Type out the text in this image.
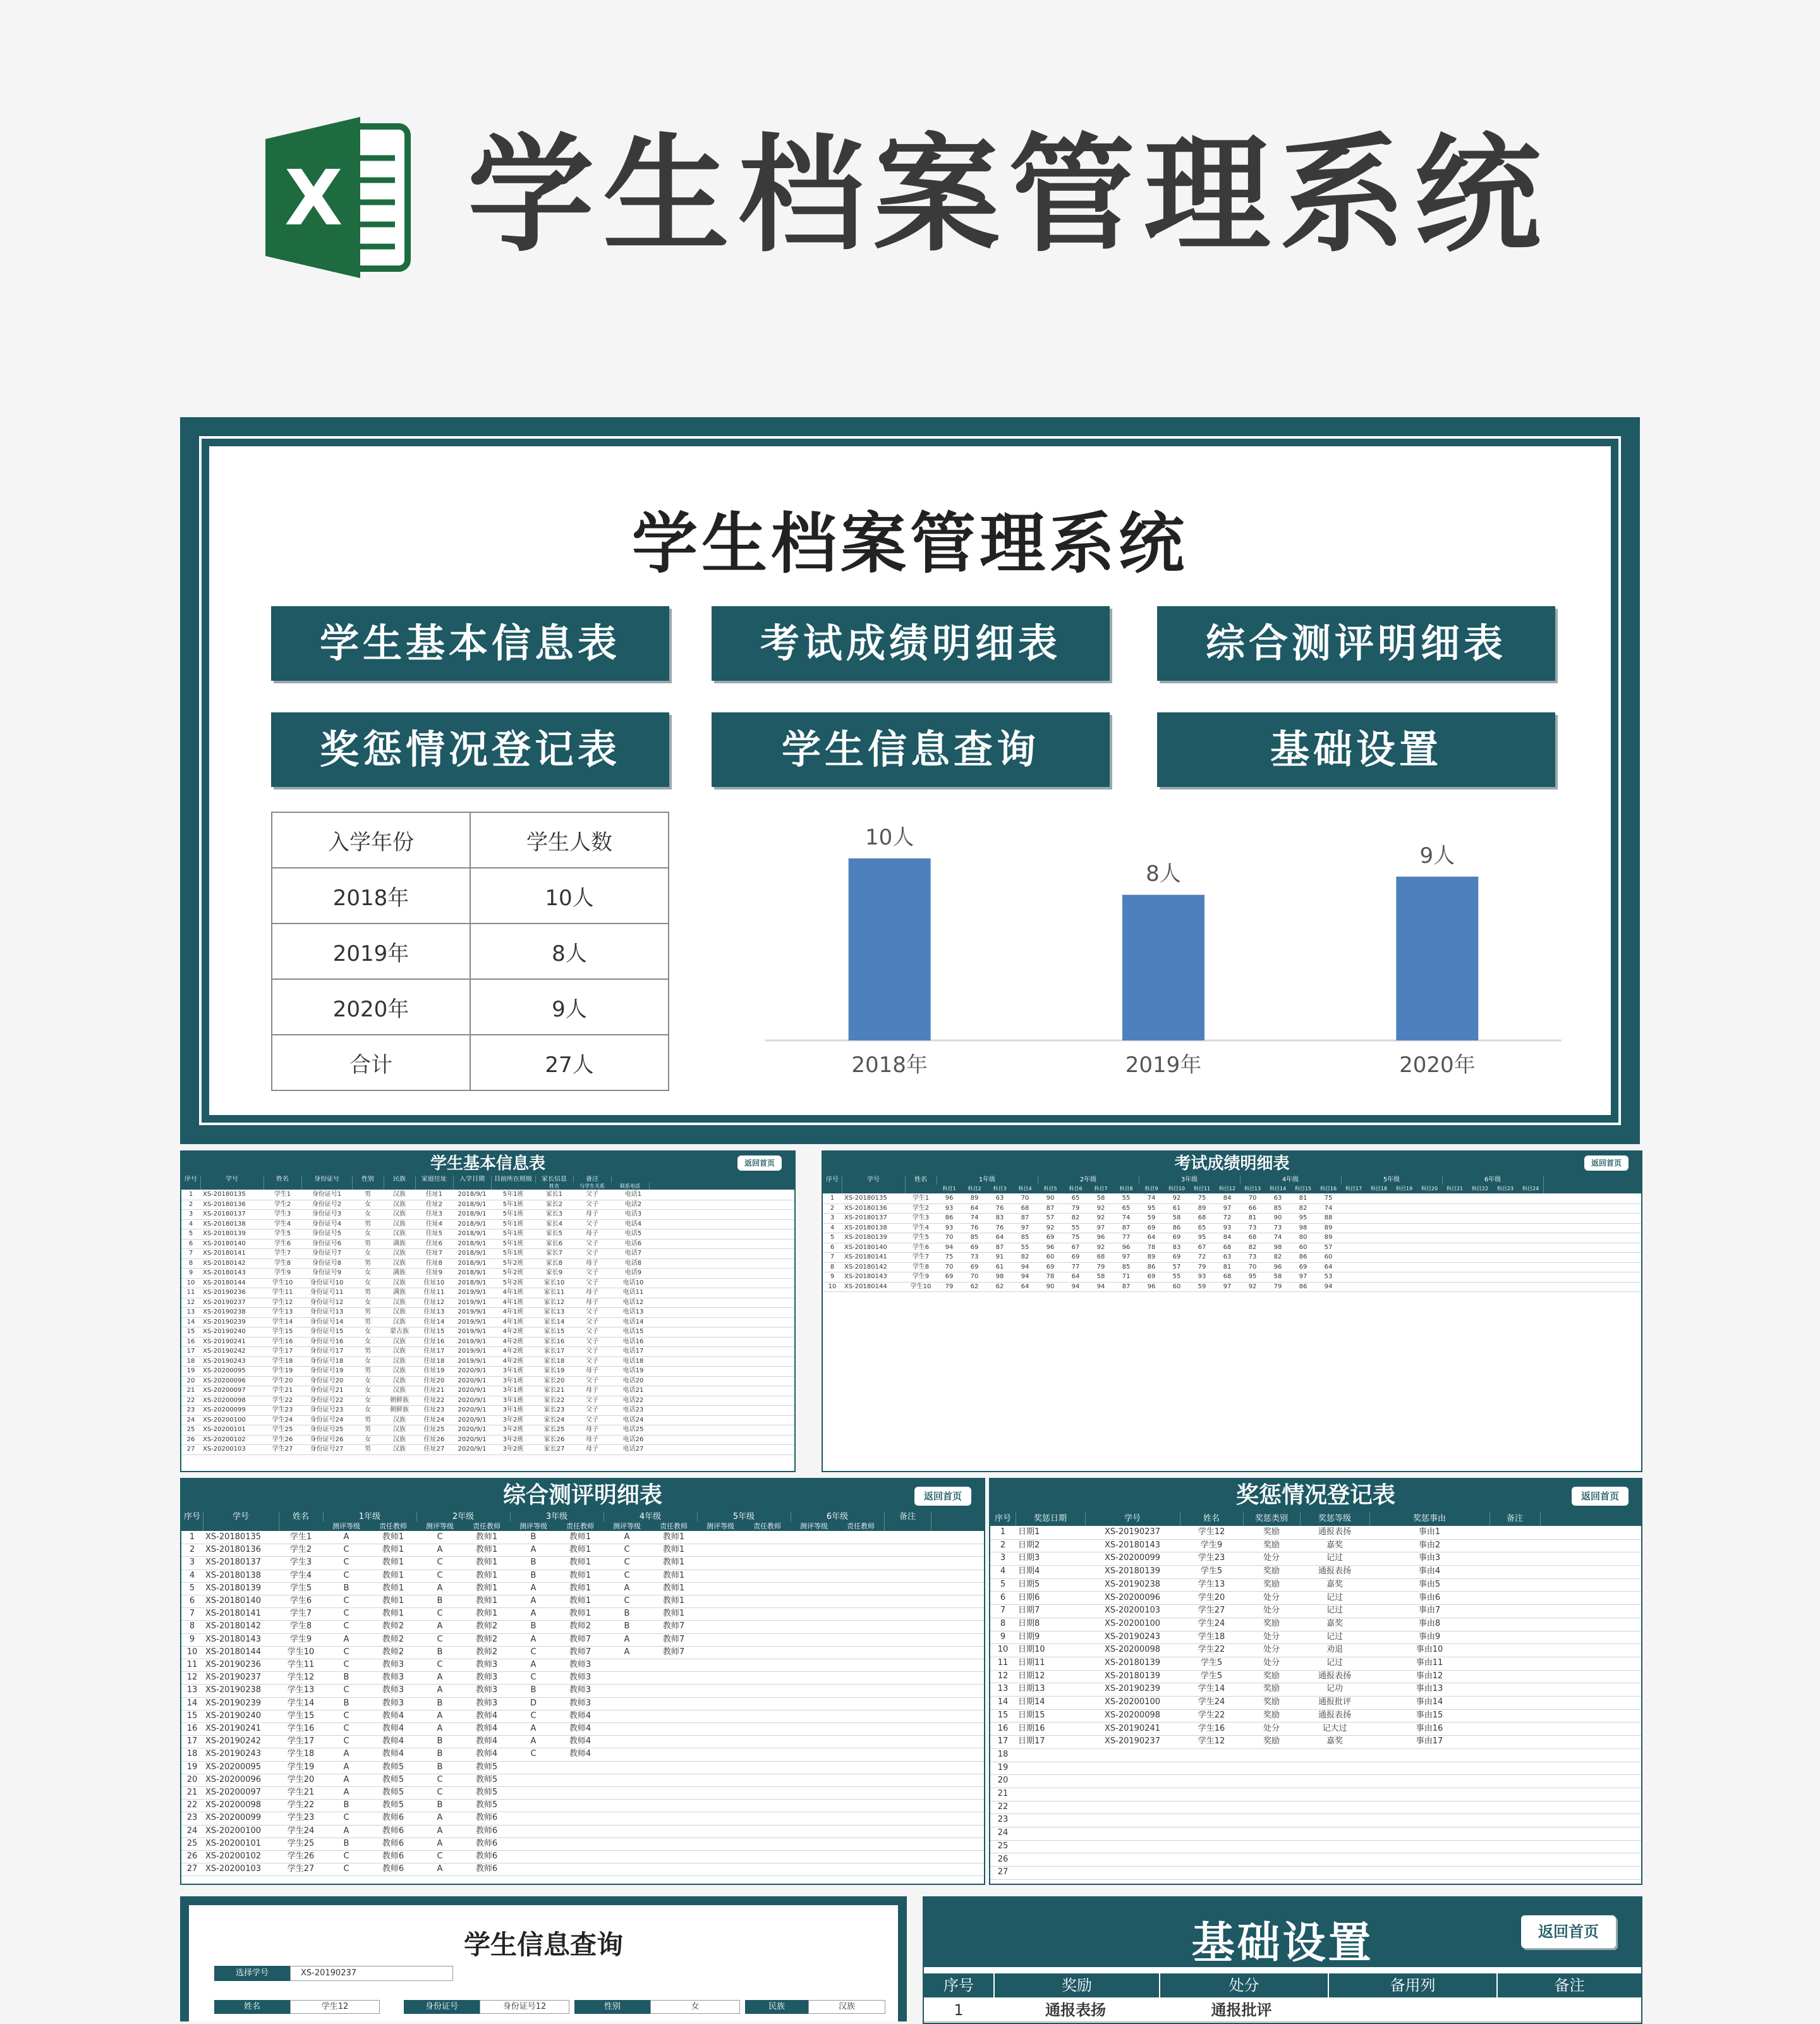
X 学生档案管理系统
学生档案管理系统
学生基本信息表	考试成绩明细表	综合测评明细表
奖惩情况登记表	学生信息查询	基础设置
入学年份	学生人数
2018年	10人
2019年	8人
2020年	9人
合计	27人
10人
2018年
8人
2019年
9人
2020年
学生基本信息表	返回首页
序号	学号	姓名	身份证号	性别	民族	家庭住址	入学日期	目前所在班级	家长信息	备注
姓名	与学生关系	联系电话
1	XS-20180135	学生1	身份证号1	男	汉族	住址1	2018/9/1	5年1班	家长1	父子	电话1
2	XS-20180136	学生2	身份证号2	女	汉族	住址2	2018/9/1	5年1班	家长2	父子	电话2
3	XS-20180137	学生3	身份证号3	女	汉族	住址3	2018/9/1	5年1班	家长3	母子	电话3
4	XS-20180138	学生4	身份证号4	男	汉族	住址4	2018/9/1	5年1班	家长4	父子	电话4
5	XS-20180139	学生5	身份证号5	女	汉族	住址5	2018/9/1	5年1班	家长5	母子	电话5
6	XS-20180140	学生6	身份证号6	男	满族	住址6	2018/9/1	5年1班	家长6	父子	电话6
7	XS-20180141	学生7	身份证号7	女	汉族	住址7	2018/9/1	5年1班	家长7	父子	电话7
8	XS-20180142	学生8	身份证号8	男	汉族	住址8	2018/9/1	5年2班	家长8	母子	电话8
9	XS-20180143	学生9	身份证号9	女	满族	住址9	2018/9/1	5年2班	家长9	父子	电话9
10	XS-20180144	学生10	身份证号10	女	汉族	住址10	2018/9/1	5年2班	家长10	父子	电话10
11	XS-20190236	学生11	身份证号11	男	满族	住址11	2019/9/1	4年1班	家长11	母子	电话11
12	XS-20190237	学生12	身份证号12	女	汉族	住址12	2019/9/1	4年1班	家长12	母子	电话12
13	XS-20190238	学生13	身份证号13	男	汉族	住址13	2019/9/1	4年1班	家长13	父子	电话13
14	XS-20190239	学生14	身份证号14	男	汉族	住址14	2019/9/1	4年1班	家长14	父子	电话14
15	XS-20190240	学生15	身份证号15	女	蒙古族	住址15	2019/9/1	4年2班	家长15	父子	电话15
16	XS-20190241	学生16	身份证号16	女	汉族	住址16	2019/9/1	4年2班	家长16	父子	电话16
17	XS-20190242	学生17	身份证号17	男	汉族	住址17	2019/9/1	4年2班	家长17	父子	电话17
18	XS-20190243	学生18	身份证号18	女	汉族	住址18	2019/9/1	4年2班	家长18	父子	电话18
19	XS-20200095	学生19	身份证号19	男	汉族	住址19	2020/9/1	3年1班	家长19	母子	电话19
20	XS-20200096	学生20	身份证号20	女	汉族	住址20	2020/9/1	3年1班	家长20	父子	电话20
21	XS-20200097	学生21	身份证号21	女	汉族	住址21	2020/9/1	3年1班	家长21	母子	电话21
22	XS-20200098	学生22	身份证号22	女	朝鲜族	住址22	2020/9/1	3年1班	家长22	父子	电话22
23	XS-20200099	学生23	身份证号23	女	朝鲜族	住址23	2020/9/1	3年1班	家长23	父子	电话23
24	XS-20200100	学生24	身份证号24	男	汉族	住址24	2020/9/1	3年2班	家长24	父子	电话24
25	XS-20200101	学生25	身份证号25	男	汉族	住址25	2020/9/1	3年2班	家长25	母子	电话25
26	XS-20200102	学生26	身份证号26	女	汉族	住址26	2020/9/1	3年2班	家长26	母子	电话26
27	XS-20200103	学生27	身份证号27	男	汉族	住址27	2020/9/1	3年2班	家长27	母子	电话27
考试成绩明细表	返回首页
序号	学号	姓名	1年级	2年级	3年级	4年级	5年级	6年级
科目1	科目2	科目3	科目4	科目5	科目6	科目7	科目8	科目9	科目10	科目11	科目12	科目13	科目14	科目15	科目16	科目17	科目18	科目19	科目20	科目21	科目22	科目23	科目24
1	XS-20180135	学生1	96	89	63	70	90	65	58	55	74	92	75	84	70	63	81	75
2	XS-20180136	学生2	93	64	76	68	87	79	92	65	95	61	89	97	66	85	82	74
3	XS-20180137	学生3	86	74	83	87	57	82	92	74	59	58	68	72	81	90	95	88
4	XS-20180138	学生4	93	76	76	97	92	55	97	87	69	86	65	93	73	73	98	89
5	XS-20180139	学生5	70	85	64	85	69	75	96	77	64	69	95	84	68	74	80	89
6	XS-20180140	学生6	94	69	87	55	96	67	92	96	78	83	67	68	82	98	60	57
7	XS-20180141	学生7	75	73	91	82	60	69	68	97	89	69	72	63	73	82	86	60
8	XS-20180142	学生8	70	69	61	94	69	77	79	85	86	57	79	81	70	96	69	64
9	XS-20180143	学生9	69	70	98	94	78	64	58	71	69	55	93	68	95	58	97	53
10	XS-20180144	学生10	79	62	62	64	90	94	94	87	96	60	59	97	92	79	86	94
综合测评明细表	返回首页
序号	学号	姓名	1年级	2年级	3年级	4年级	5年级	6年级	备注
测评等级	责任教师	测评等级	责任教师	测评等级	责任教师	测评等级	责任教师	测评等级	责任教师	测评等级	责任教师
1	XS-20180135	学生1	A	教师1	C	教师1	B	教师1	A	教师1
2	XS-20180136	学生2	C	教师1	A	教师1	A	教师1	C	教师1
3	XS-20180137	学生3	C	教师1	C	教师1	B	教师1	C	教师1
4	XS-20180138	学生4	C	教师1	C	教师1	B	教师1	C	教师1
5	XS-20180139	学生5	B	教师1	A	教师1	A	教师1	A	教师1
6	XS-20180140	学生6	C	教师1	B	教师1	A	教师1	C	教师1
7	XS-20180141	学生7	C	教师1	C	教师1	A	教师1	B	教师1
8	XS-20180142	学生8	C	教师2	A	教师2	B	教师2	B	教师7
9	XS-20180143	学生9	A	教师2	C	教师2	A	教师7	A	教师7
10 XS-20180144	学生10	C	教师2	B	教师2	C	教师7	A	教师7
11 XS-20190236	学生11	C	教师3	C	教师3	A	教师3
12 XS-20190237	学生12	B	教师3	A	教师3	C	教师3
13 XS-20190238	学生13	C	教师3	A	教师3	B	教师3
14 XS-20190239	学生14	B	教师3	B	教师3	D	教师3
15 XS-20190240	学生15	C	教师4	A	教师4	C	教师4
16 XS-20190241	学生16	C	教师4	A	教师4	A	教师4
17 XS-20190242	学生17	C	教师4	B	教师4	A	教师4
18 XS-20190243	学生18	A	教师4	B	教师4	C	教师4
19 XS-20200095	学生19	A	教师5	B	教师5
20 XS-20200096	学生20	A	教师5	C	教师5
21 XS-20200097	学生21	A	教师5	C	教师5
22 XS-20200098	学生22	B	教师5	B	教师5
23 XS-20200099	学生23	C	教师6	A	教师6
24 XS-20200100	学生24	A	教师6	A	教师6
25 XS-20200101	学生25	B	教师6	A	教师6
26 XS-20200102	学生26	C	教师6	C	教师6
27 XS-20200103	学生27	C	教师6	A	教师6
奖惩情况登记表	返回首页
序号	奖惩日期	学号	姓名	奖惩类别	奖惩等级	奖惩事由	备注
1	日期1	XS-20190237	学生12	奖励	通报表扬	事由1
2	日期2	XS-20180143	学生9	奖励	嘉奖	事由2
3	日期3	XS-20200099	学生23	处分	记过	事由3
4	日期4	XS-20180139	学生5	奖励	通报表扬	事由4
5	日期5	XS-20190238	学生13	奖励	嘉奖	事由5
6	日期6	XS-20200096	学生20	处分	记过	事由6
7	日期7	XS-20200103	学生27	处分	记过	事由7
8	日期8	XS-20200100	学生24	奖励	嘉奖	事由8
9	日期9	XS-20190243	学生18	处分	记过	事由9
10	日期10	XS-20200098	学生22	处分	劝退	事由10
11	日期11	XS-20180139	学生5	处分	记过	事由11
12	日期12	XS-20180139	学生5	奖励	通报表扬	事由12
13	日期13	XS-20190239	学生14	奖励	记功	事由13
14	日期14	XS-20200100	学生24	奖励	通报批评	事由14
15	日期15	XS-20200098	学生22	奖励	通报表扬	事由15
16	日期16	XS-20190241	学生16	处分	记大过	事由16
17	日期17	XS-20190237	学生12	奖励	嘉奖	事由17
18
19
20
21
22
23
24
25
26
27
学生信息查询
选择学号	XS-20190237
姓名	学生12	身份证号	身份证号12	性别	女	民族	汉族
基础设置	返回首页
序号	奖励	处分	备用列	备注
1	通报表扬	通报批评
